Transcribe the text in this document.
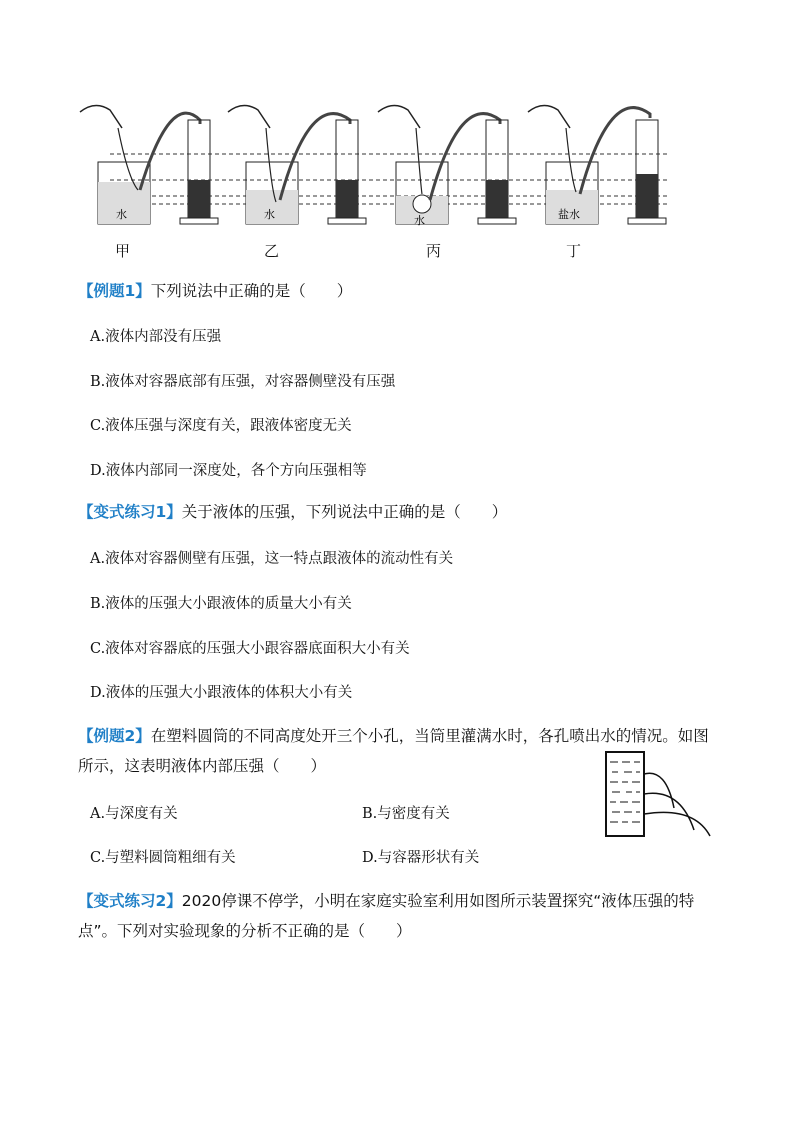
水	水	水	盐水
甲	乙	丙	丁
【例题1】下列说法中正确的是（　　）
A.液体内部没有压强
B.液体对容器底部有压强，对容器侧壁没有压强
C.液体压强与深度有关，跟液体密度无关
D.液体内部同一深度处，各个方向压强相等
【变式练习1】关于液体的压强，下列说法中正确的是（　　）
A.液体对容器侧壁有压强，这一特点跟液体的流动性有关
B.液体的压强大小跟液体的质量大小有关
C.液体对容器底的压强大小跟容器底面积大小有关
D.液体的压强大小跟液体的体积大小有关
【例题2】在塑料圆筒的不同高度处开三个小孔，当筒里灌满水时，各孔喷出水的情况。如图
所示，这表明液体内部压强（　　）
A.与深度有关	B.与密度有关
C.与塑料圆筒粗细有关	D.与容器形状有关
【变式练习2】2020停课不停学，小明在家庭实验室利用如图所示装置探究“液体压强的特
点”。下列对实验现象的分析不正确的是（　　）
